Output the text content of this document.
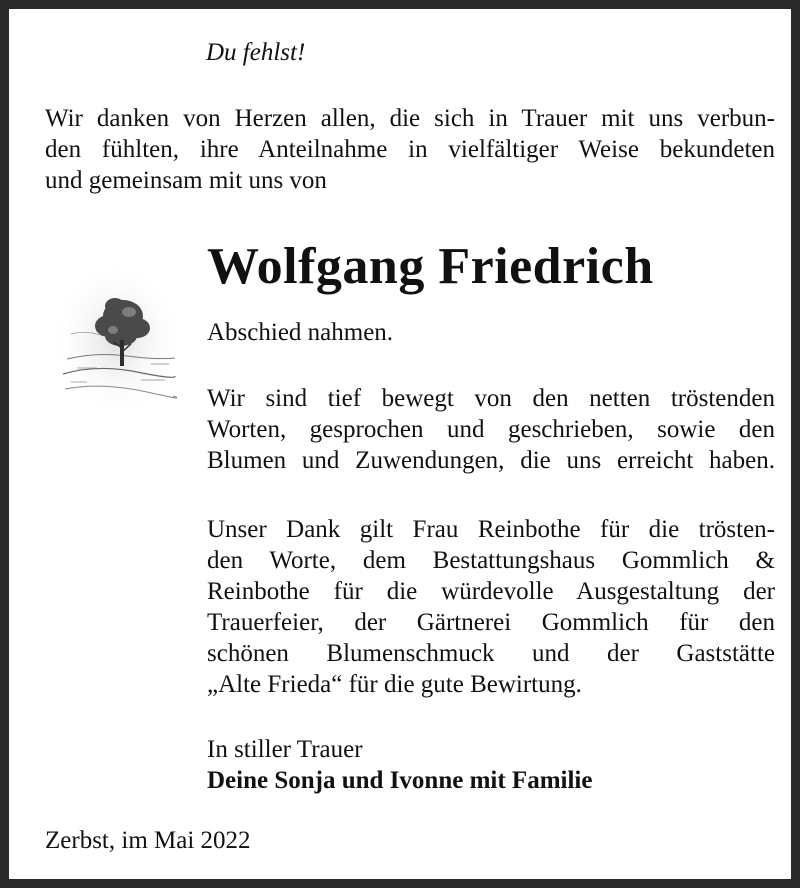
Du fehlst!
Wir danken von Herzen allen, die sich in Trauer mit uns verbun-
den fühlten, ihre Anteilnahme in vielfältiger Weise bekundeten
und gemeinsam mit uns von
Wolfgang Friedrich
Abschied nahmen.
Wir sind tief bewegt von den netten tröstenden
Worten, gesprochen und geschrieben, sowie den
Blumen und Zuwendungen, die uns erreicht haben.
Unser Dank gilt Frau Reinbothe für die trösten-
den Worte, dem Bestattungshaus Gommlich &
Reinbothe für die würdevolle Ausgestaltung der
Trauerfeier, der Gärtnerei Gommlich für den
schönen Blumenschmuck und der Gaststätte
„Alte Frieda“ für die gute Bewirtung.
In stiller Trauer
Deine Sonja und Ivonne mit Familie
Zerbst, im Mai 2022
